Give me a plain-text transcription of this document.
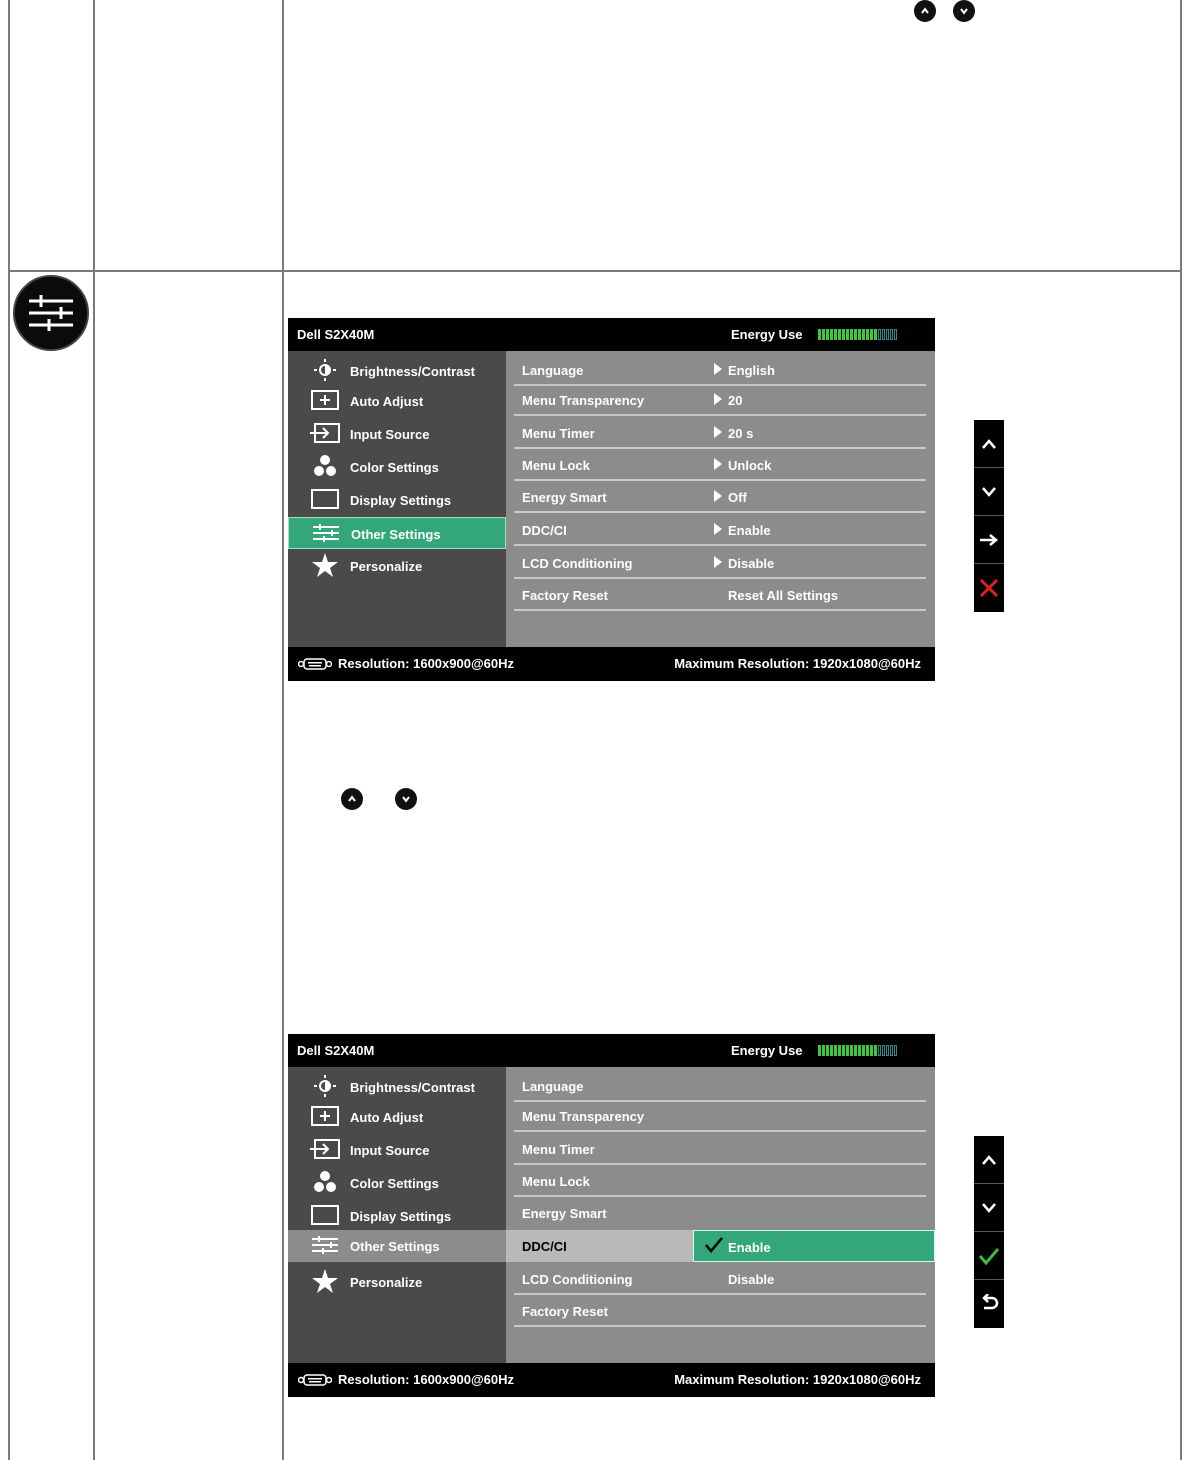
Dell S2X40M	Energy Use
Brightness/Contrast
Auto Adjust
Input Source
Color Settings
Display Settings
Other Settings
Personalize
Language	English
Menu Transparency	20
Menu Timer	20 s
Menu Lock	Unlock
Energy Smart	Off
DDC/CI	Enable
LCD Conditioning	Disable
Factory Reset	Reset All Settings
Resolution: 1600x900@60Hz	Maximum Resolution: 1920x1080@60Hz
Dell S2X40M	Energy Use
Brightness/Contrast
Auto Adjust
Input Source
Color Settings
Display Settings
Other Settings
Personalize
Language
Menu Transparency
Menu Timer
Menu Lock
Energy Smart
DDC/CI	Enable
LCD Conditioning	Disable
Factory Reset
Resolution: 1600x900@60Hz	Maximum Resolution: 1920x1080@60Hz
